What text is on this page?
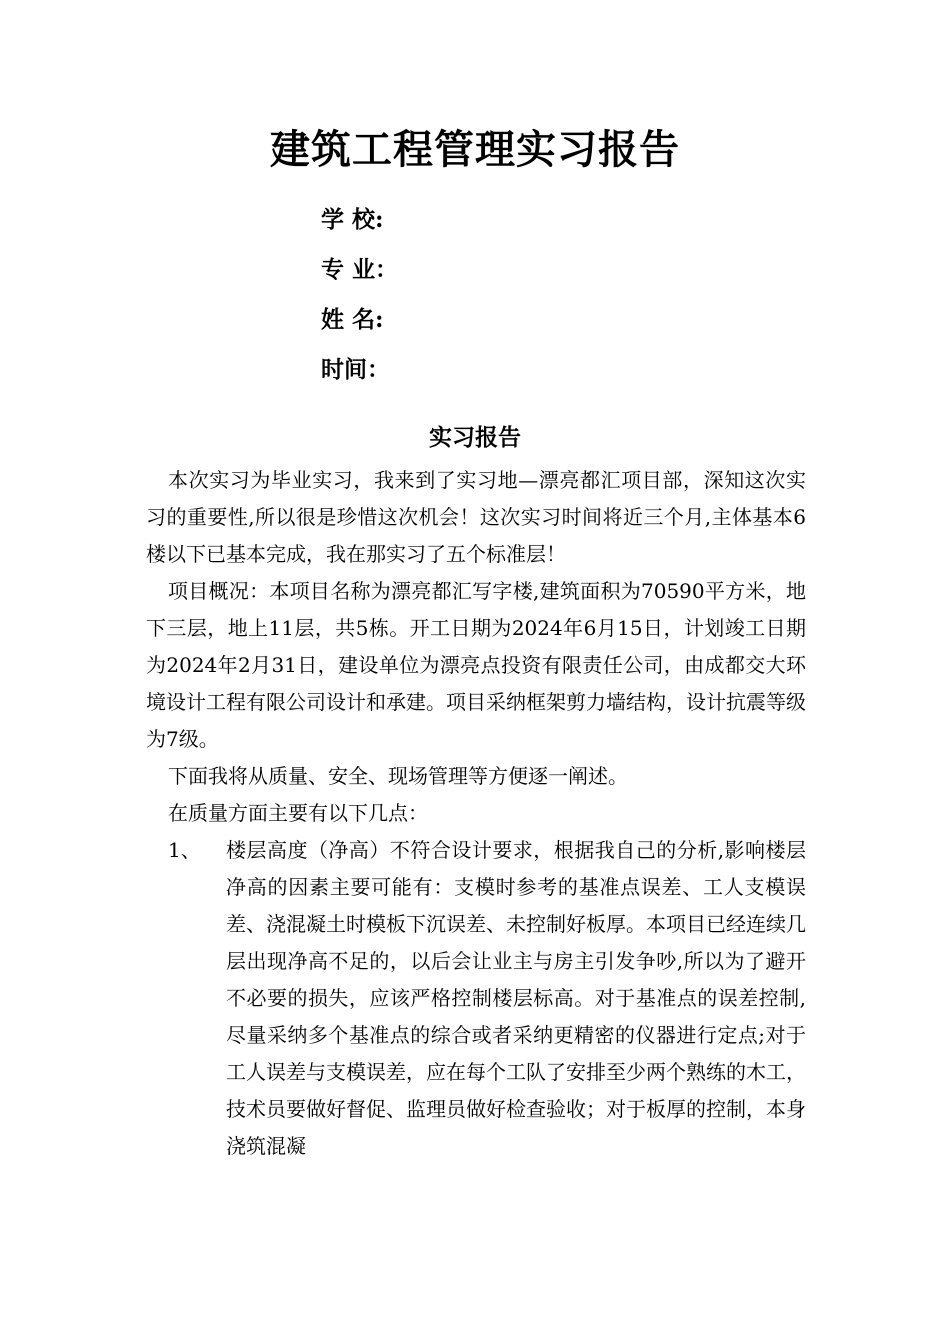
建筑工程管理实习报告
学 校:
专 业：
姓 名:
时间：
实习报告

本次实习为毕业实习，我来到了实习地—漂亮都汇项目部，深知这次实习的重要性,所以很是珍惜这次机会！这次实习时间将近三个月,主体基本6楼以下已基本完成，我在那实习了五个标准层！

项目概况：本项目名称为漂亮都汇写字楼,建筑面积为70590平方米，地下三层，地上11层，共5栋。开工日期为2024年6月15日，计划竣工日期为2024年2月31日，建设单位为漂亮点投资有限责任公司，由成都交大环境设计工程有限公司设计和承建。项目采纳框架剪力墙结构，设计抗震等级为7级。

下面我将从质量、安全、现场管理等方便逐一阐述。

在质量方面主要有以下几点：

1、 楼层高度（净高）不符合设计要求，根据我自己的分析,影响楼层净高的因素主要可能有：支模时参考的基准点误差、工人支模误差、浇混凝土时模板下沉误差、未控制好板厚。本项目已经连续几层出现净高不足的，以后会让业主与房主引发争吵,所以为了避开不必要的损失，应该严格控制楼层标高。对于基准点的误差控制,尽量采纳多个基准点的综合或者采纳更精密的仪器进行定点;对于工人误差与支模误差，应在每个工队了安排至少两个熟练的木工，技术员要做好督促、监理员做好检查验收；对于板厚的控制，本身浇筑混凝
